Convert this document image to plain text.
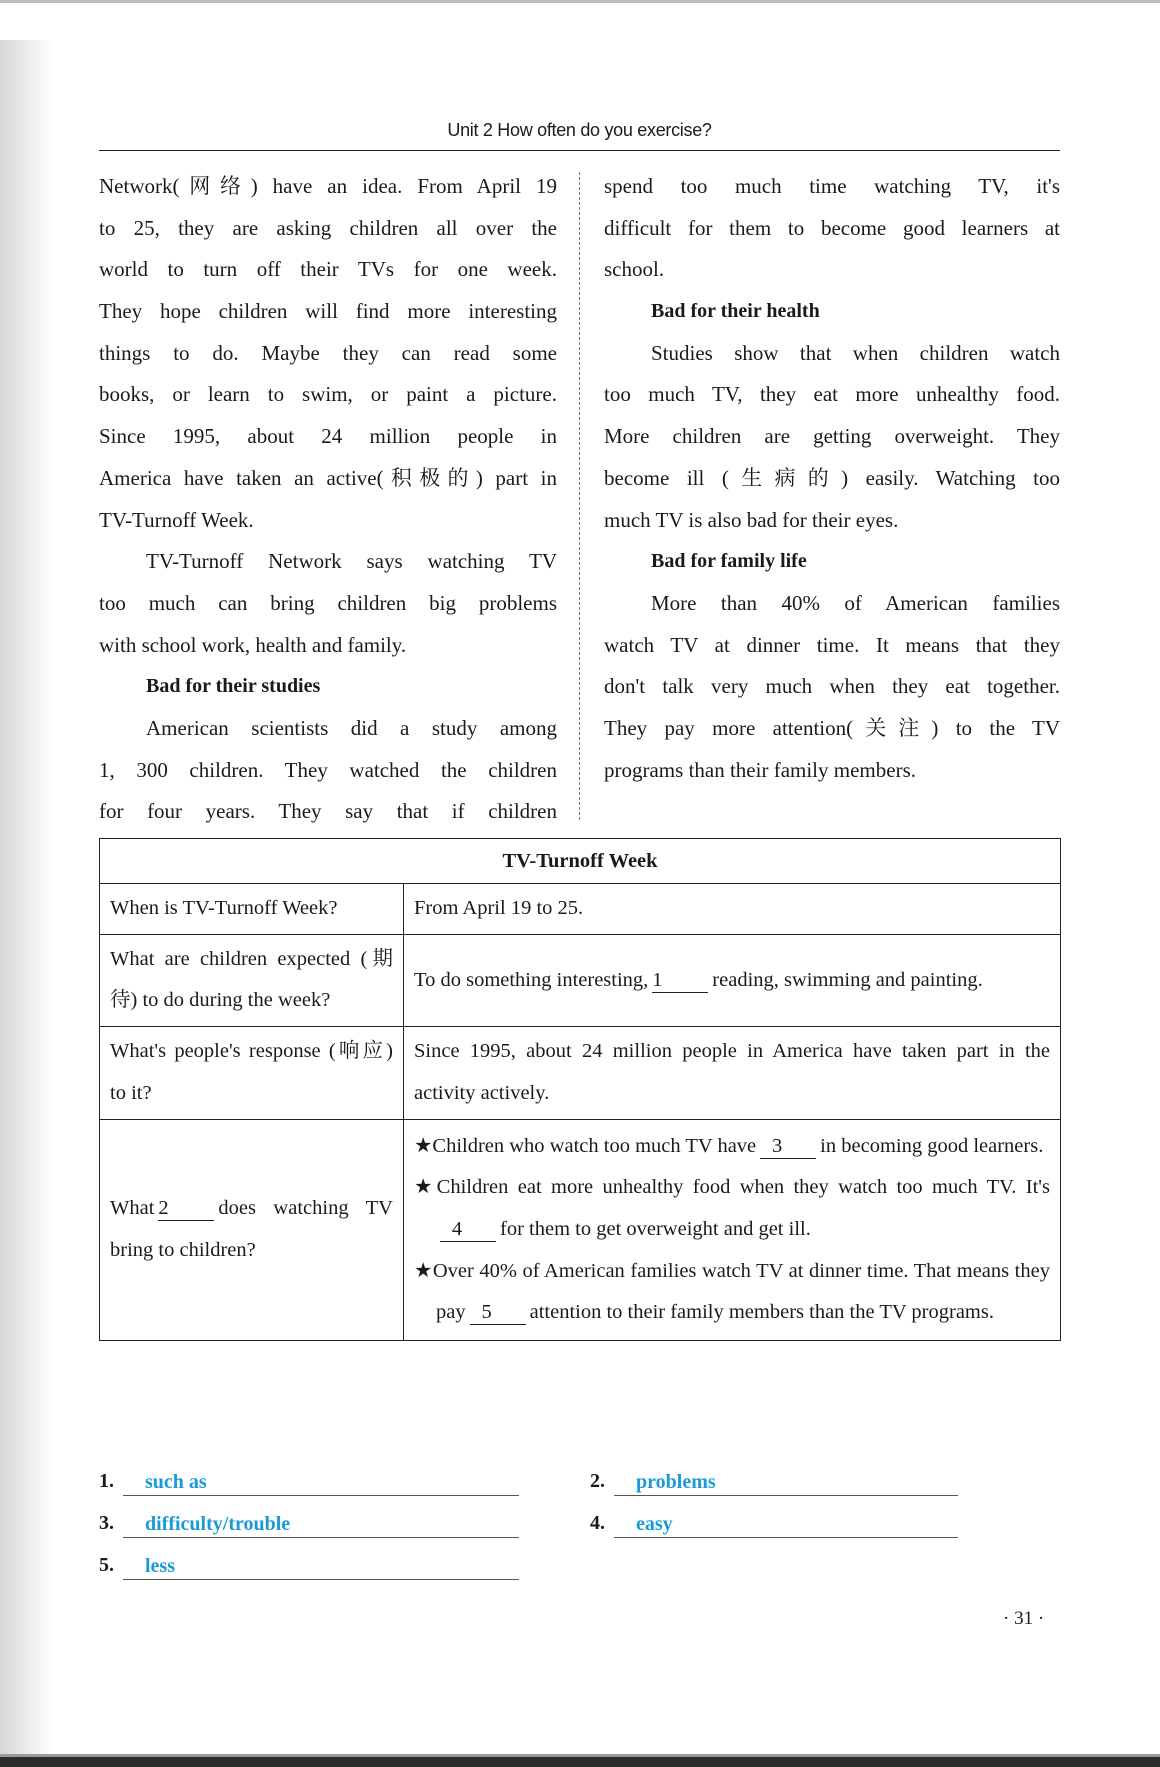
Unit 2 How often do you exercise?
Network(网络) have an idea. From April 19
to 25, they are asking children all over the
world to turn off their TVs for one week.
They hope children will find more interesting
things to do. Maybe they can read some
books, or learn to swim, or paint a picture.
Since 1995, about 24 million people in
America have taken an active(积极的) part in
TV-Turnoff Week.
TV-Turnoff Network says watching TV
too much can bring children big problems
with school work, health and family.
Bad for their studies
American scientists did a study among
1, 300 children. They watched the children
for four years. They say that if children
spend too much time watching TV, it's
difficult for them to become good learners at
school.
Bad for their health
Studies show that when children watch
too much TV, they eat more unhealthy food.
More children are getting overweight. They
become ill (生病的) easily. Watching too
much TV is also bad for their eyes.
Bad for family life
More than 40% of American families
watch TV at dinner time. It means that they
don't talk very much when they eat together.
They pay more attention(关注) to the TV
programs than their family members.
TV-Turnoff Week	
When is TV-Turnoff Week?	From April 19 to 25.
What are children expected (期待) to do during the week?	To do something interesting, 1 reading, swimming and painting.
What's people's response (响应) to it?	Since 1995, about 24 million people in America have taken part in the activity actively.
What 2 does watching TV bring to children?	★Children who watch too much TV have 3 in becoming good learners.
★Children eat more unhealthy food when they watch too much TV. It's4 for them to get overweight and get ill.
★Over 40% of American families watch TV at dinner time. That means they pay 5 attention to their family members than the TV programs.
1.	such as	2.	problems
3.	difficulty/trouble	4.	easy
5.	less
· 31 ·
